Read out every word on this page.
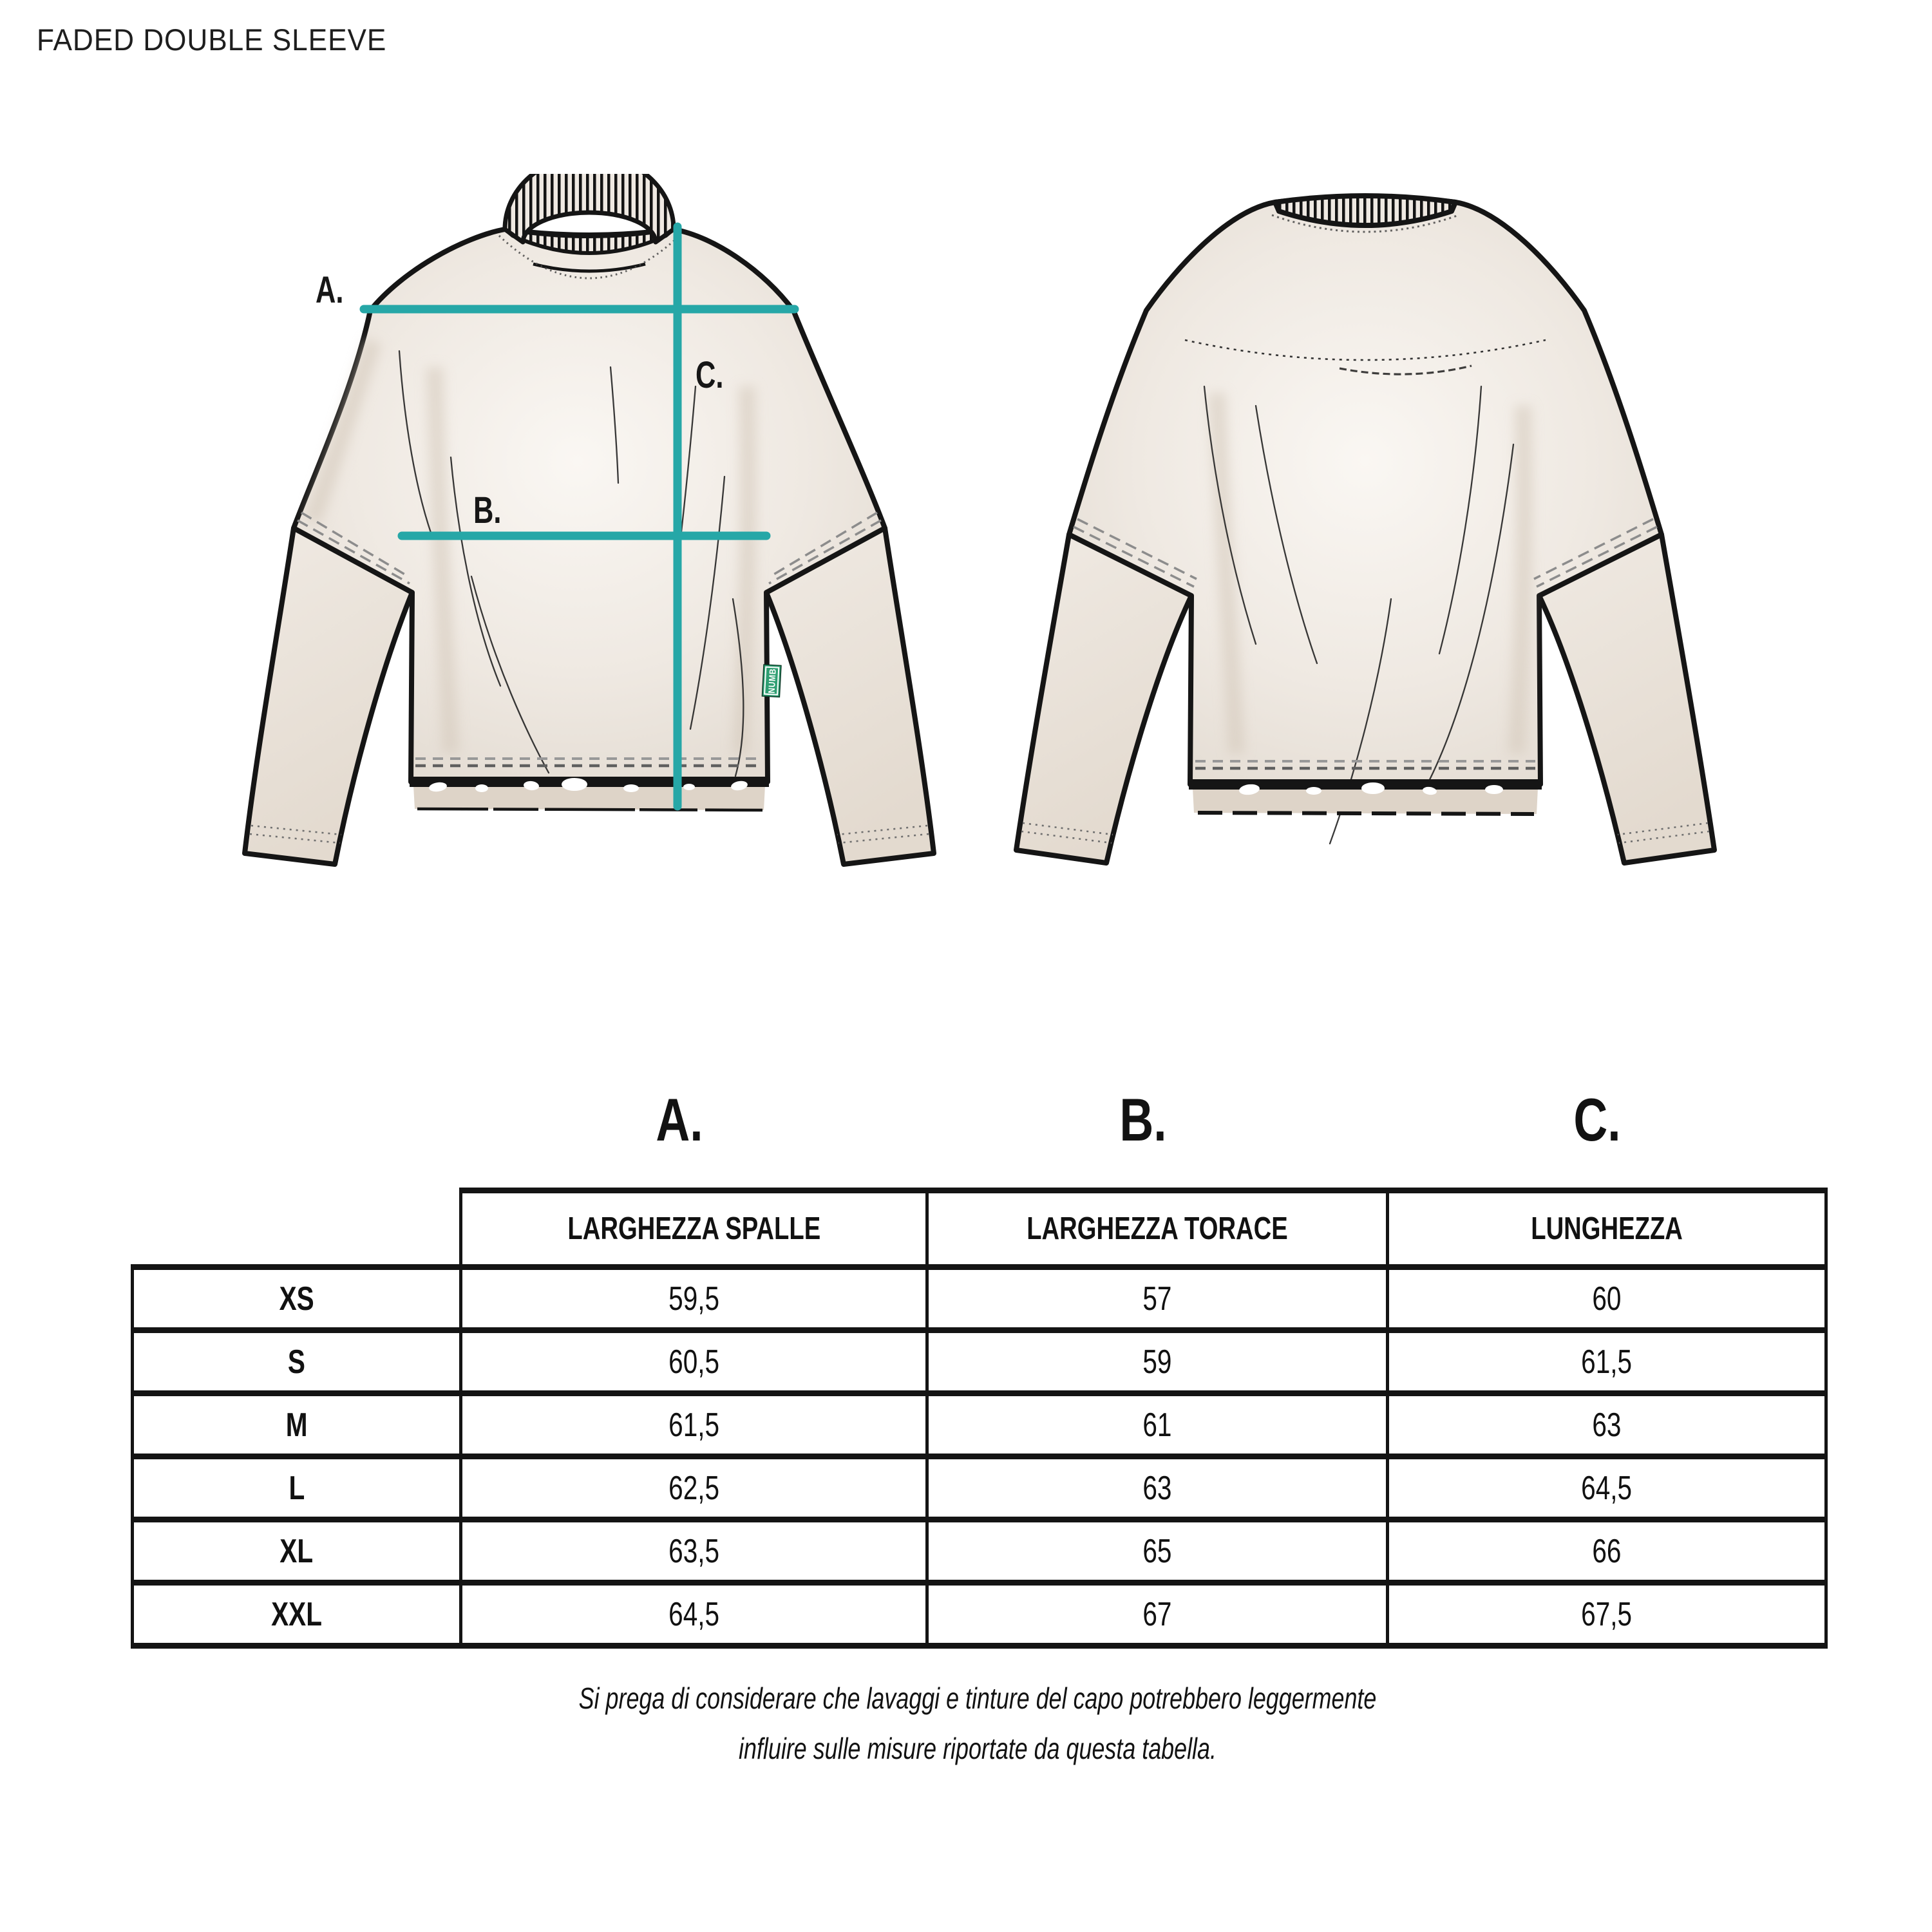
FADED DOUBLE SLEEVE
NUMB
A.
B.
C.
A.	B.	C.
	LARGHEZZA SPALLE	LARGHEZZA TORACE	LUNGHEZZA
XS	59,5	57	60
S	60,5	59	61,5
M	61,5	61	63
L	62,5	63	64,5
XL	63,5	65	66
XXL	64,5	67	67,5
Si prega di considerare che lavaggi e tinture del capo potrebbero leggermente
influire sulle misure riportate da questa tabella.
